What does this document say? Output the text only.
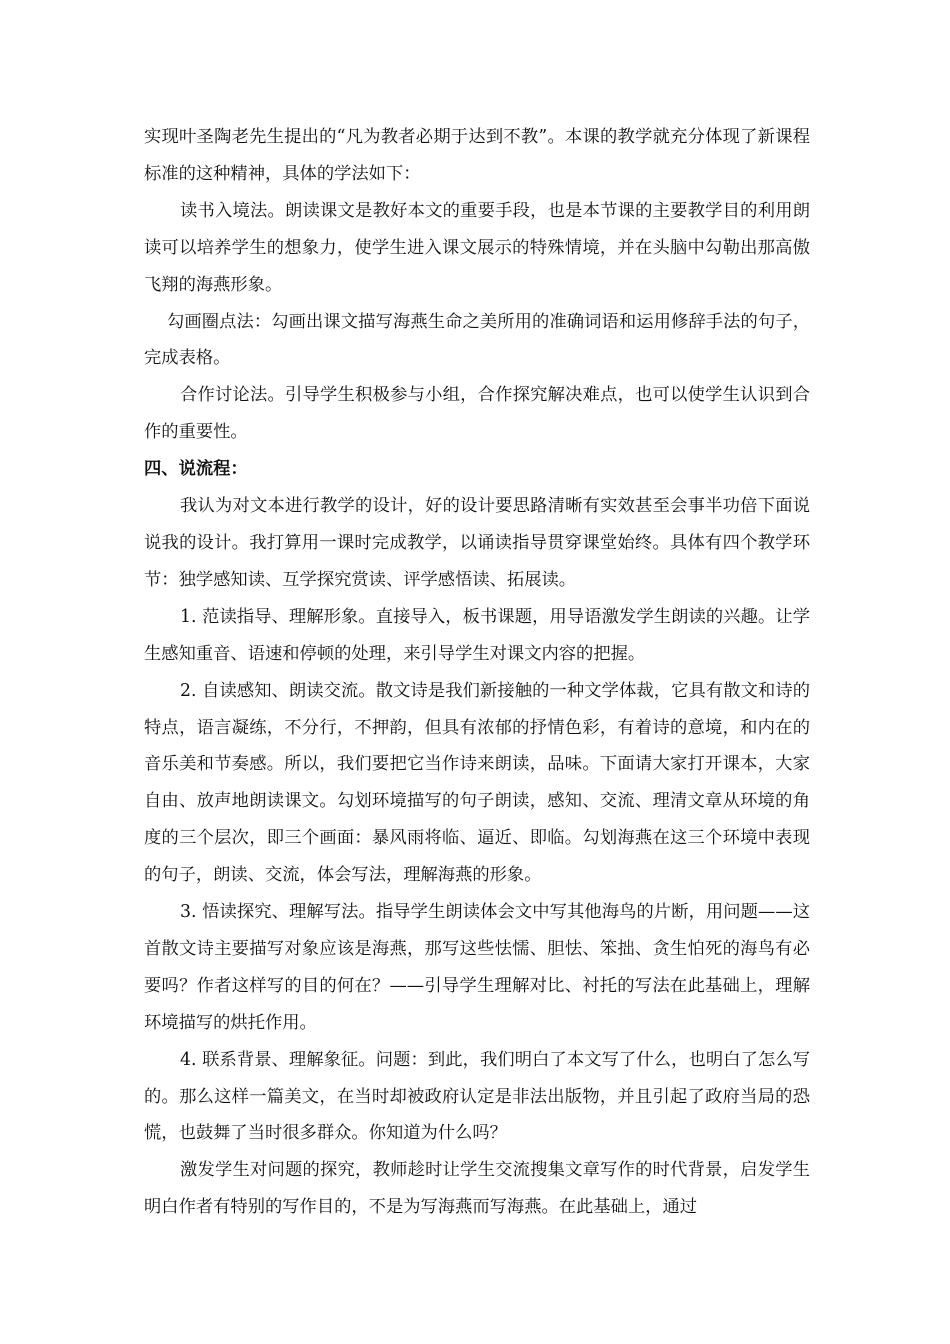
实现叶圣陶老先生提出的“凡为教者必期于达到不教”。本课的教学就充分体现了新课程标准的这种精神，具体的学法如下：

读书入境法。朗读课文是教好本文的重要手段，也是本节课的主要教学目的利用朗读可以培养学生的想象力，使学生进入课文展示的特殊情境，并在头脑中勾勒出那高傲飞翔的海燕形象。

勾画圈点法：勾画出课文描写海燕生命之美所用的准确词语和运用修辞手法的句子，完成表格。

合作讨论法。引导学生积极参与小组，合作探究解决难点，也可以使学生认识到合作的重要性。

四、说流程：

我认为对文本进行教学的设计，好的设计要思路清晰有实效甚至会事半功倍下面说说我的设计。我打算用一课时完成教学，以诵读指导贯穿课堂始终。具体有四个教学环节：独学感知读、互学探究赏读、评学感悟读、拓展读。

1. 范读指导、理解形象。直接导入，板书课题，用导语激发学生朗读的兴趣。让学生感知重音、语速和停顿的处理，来引导学生对课文内容的把握。

2. 自读感知、朗读交流。散文诗是我们新接触的一种文学体裁，它具有散文和诗的特点，语言凝练，不分行，不押韵，但具有浓郁的抒情色彩，有着诗的意境，和内在的音乐美和节奏感。所以，我们要把它当作诗来朗读，品味。下面请大家打开课本，大家自由、放声地朗读课文。勾划环境描写的句子朗读，感知、交流、理清文章从环境的角度的三个层次，即三个画面：暴风雨将临、逼近、即临。勾划海燕在这三个环境中表现的句子，朗读、交流，体会写法，理解海燕的形象。

3. 悟读探究、理解写法。指导学生朗读体会文中写其他海鸟的片断，用问题——这首散文诗主要描写对象应该是海燕，那写这些怯懦、胆怯、笨拙、贪生怕死的海鸟有必要吗？作者这样写的目的何在？——引导学生理解对比、衬托的写法在此基础上，理解环境描写的烘托作用。

4. 联系背景、理解象征。问题：到此，我们明白了本文写了什么，也明白了怎么写的。那么这样一篇美文，在当时却被政府认定是非法出版物，并且引起了政府当局的恐慌，也鼓舞了当时很多群众。你知道为什么吗？

激发学生对问题的探究，教师趁时让学生交流搜集文章写作的时代背景，启发学生明白作者有特别的写作目的，不是为写海燕而写海燕。在此基础上，通过
